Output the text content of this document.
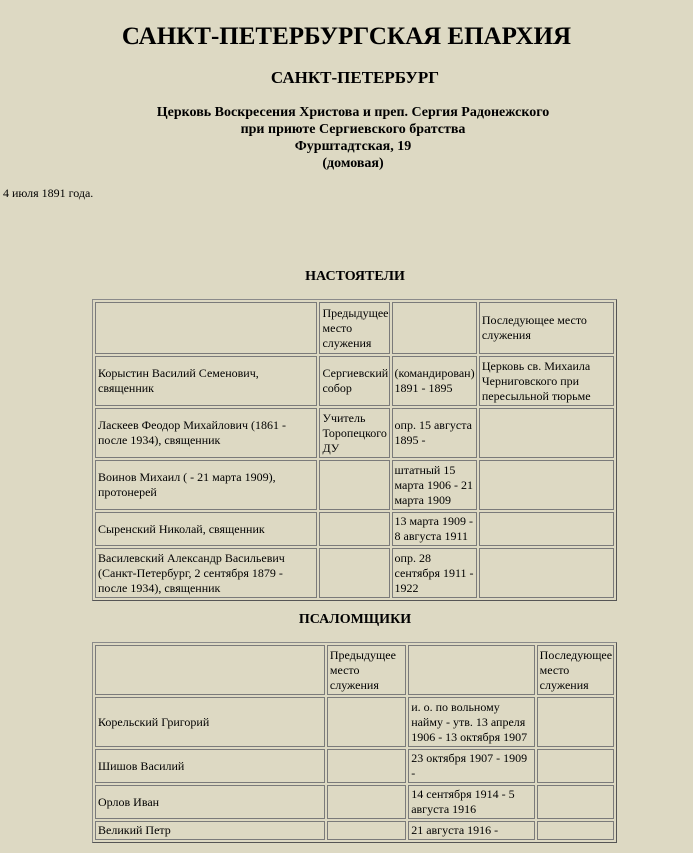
САНКТ-ПЕТЕРБУРГСКАЯ ЕПАРХИЯ
САНКТ-ПЕТЕРБУРГ
Церковь Воскресения Христова и преп. Сергия Радонежского
при приюте Сергиевского братства
Фурштадтская, 19
(домовая)
4 июля 1891 года.
НАСТОЯТЕЛИ
	Предыдущее место служения		Последующее место служения
Корыстин Василий Семенович, священник	Сергиевский собор	(командирован) 1891 - 1895	Церковь св. Михаила Черниговского при пересыльной тюрьме
Ласкеев Феодор Михайлович (1861 - после 1934), священник	Учитель Торопецкого ДУ	опр. 15 августа 1895 -	
Воинов Михаил ( - 21 марта 1909), протонерей		штатный 15 марта 1906 - 21 марта 1909	
Сыренский Николай, священник		13 марта 1909 - 8 августа 1911	
Василевский Александр Васильевич (Санкт-Петербург, 2 сентября 1879 - после 1934), священник		опр. 28 сентября 1911 - 1922	
ПСАЛОМЩИКИ
	Предыдущее место служения		Последующее место служения
Корельский Григорий		и. о. по вольному найму - утв. 13 апреля 1906 - 13 октября 1907	
Шишов Василий		23 октября 1907 - 1909 -	
Орлов Иван		14 сентября 1914 - 5 августа 1916	
Великий Петр		21 августа 1916 -	
